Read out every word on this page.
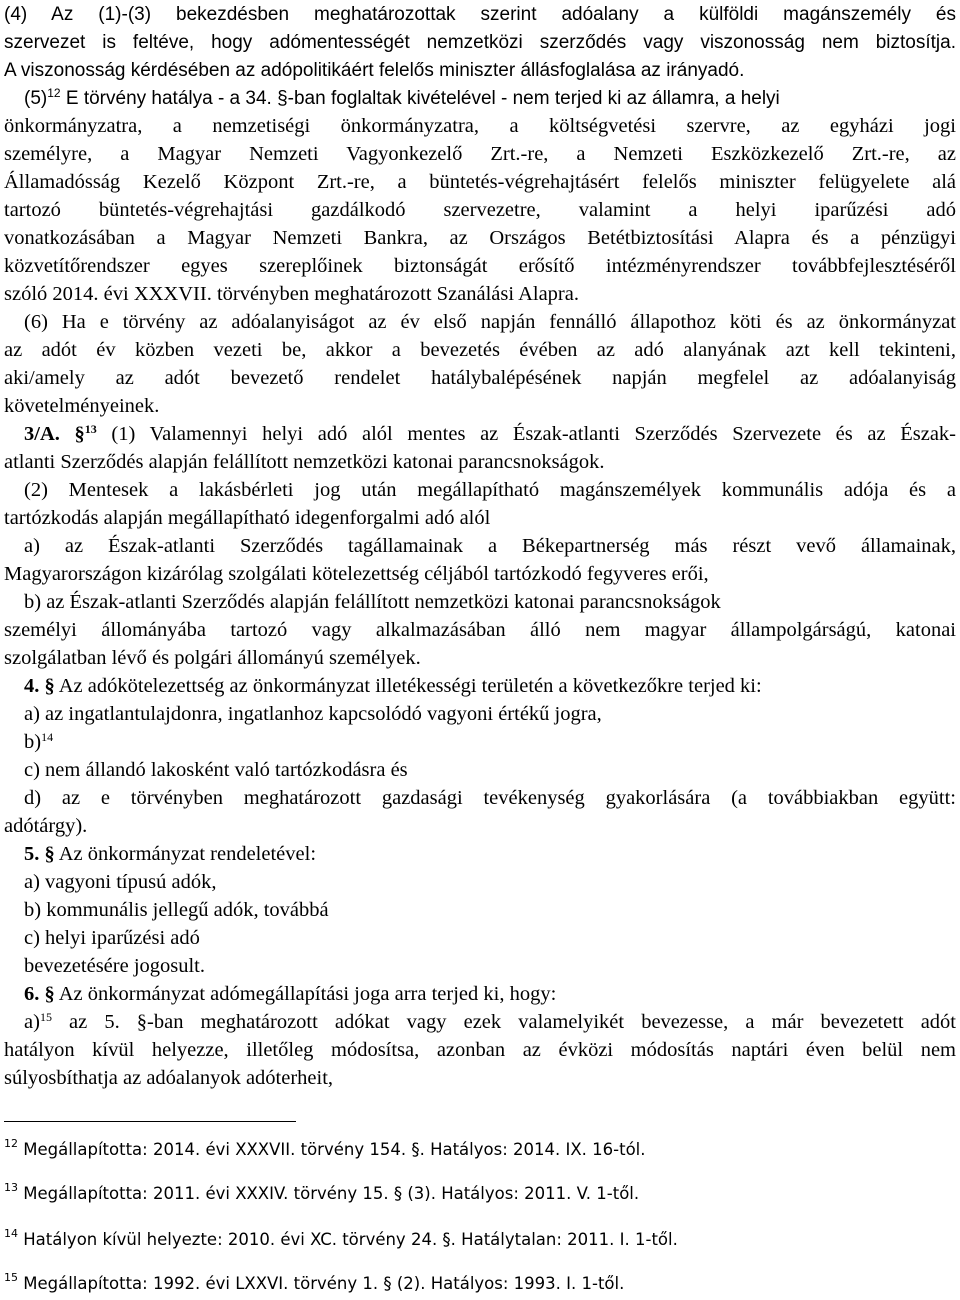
(4) Az (1)-(3) bekezdésben meghatározottak szerint adóalany a külföldi magánszemély és
szervezet is feltéve, hogy adómentességét nemzetközi szerződés vagy viszonosság nem biztosítja.
A viszonosság kérdésében az adópolitikáért felelős miniszter állásfoglalása az irányadó.
$(5)^{12}$ E törvény hatálya - a 34. §-ban foglaltak kivételével - nem terjed ki az államra, a helyi
önkormányzatra, a nemzetiségi önkormányzatra, a költségvetési szervre, az egyházi jogi
személyre, a Magyar Nemzeti Vagyonkezelő Zrt.-re, a Nemzeti Eszközkezelő Zrt.-re, az
Államadósság Kezelő Központ Zrt.-re, a büntetés-végrehajtásért felelős miniszter felügyelete alá
tartozó büntetés-végrehajtási gazdálkodó szervezetre, valamint a helyi iparűzési adó
vonatkozásában a Magyar Nemzeti Bankra, az Országos Betétbiztosítási Alapra és a pénzügyi
közvetítőrendszer egyes szereplőinek biztonságát erősítő intézményrendszer továbbfejlesztéséről
szóló 2014. évi XXXVII. törvényben meghatározott Szanálási Alapra.
(6) Ha e törvény az adóalanyiságot az év első napján fennálló állapothoz köti és az önkormányzat
az adót év közben vezeti be, akkor a bevezetés évében az adó alanyának azt kell tekinteni,
aki/amely az adót bevezető rendelet hatálybalépésének napján megfelel az adóalanyiság
követelményeinek.
3/A. §$^{13}$ (1) Valamennyi helyi adó alól mentes az Észak-atlanti Szerződés Szervezete és az Észak-
atlanti Szerződés alapján felállított nemzetközi katonai parancsnokságok.
(2) Mentesek a lakásbérleti jog után megállapítható magánszemélyek kommunális adója és a
tartózkodás alapján megállapítható idegenforgalmi adó alól
a) az Észak-atlanti Szerződés tagállamainak a Békepartnerség más részt vevő államainak,
Magyarországon kizárólag szolgálati kötelezettség céljából tartózkodó fegyveres erői,
b) az Észak-atlanti Szerződés alapján felállított nemzetközi katonai parancsnokságok
személyi állományába tartozó vagy alkalmazásában álló nem magyar állampolgárságú, katonai
szolgálatban lévő és polgári állományú személyek.
4. § Az adókötelezettség az önkormányzat illetékességi területén a következőkre terjed ki:
a) az ingatlantulajdonra, ingatlanhoz kapcsolódó vagyoni értékű jogra,
b)$^{14}$
c) nem állandó lakosként való tartózkodásra és
d) az e törvényben meghatározott gazdasági tevékenység gyakorlására (a továbbiakban együtt:
adótárgy).
5. § Az önkormányzat rendeletével:
a) vagyoni típusú adók,
b) kommunális jellegű adók, továbbá
c) helyi iparűzési adó
bevezetésére jogosult.
6. § Az önkormányzat adómegállapítási joga arra terjed ki, hogy:
a)$^{15}$ az 5. §-ban meghatározott adókat vagy ezek valamelyikét bevezesse, a már bevezetett adót
hatályon kívül helyezze, illetőleg módosítsa, azonban az évközi módosítás naptári éven belül nem
súlyosbíthatja az adóalanyok adóterheit,
$^{12}$ Megállapította: 2014. évi XXXVII. törvény 154. §. Hatályos: 2014. IX. 16-tól.
$^{13}$ Megállapította: 2011. évi XXXIV. törvény 15. § (3). Hatályos: 2011. V. 1-től.
$^{14}$ Hatályon kívül helyezte: 2010. évi XC. törvény 24. §. Hatálytalan: 2011. I. 1-től.
$^{15}$ Megállapította: 1992. évi LXXVI. törvény 1. § (2). Hatályos: 1993. I. 1-től.
